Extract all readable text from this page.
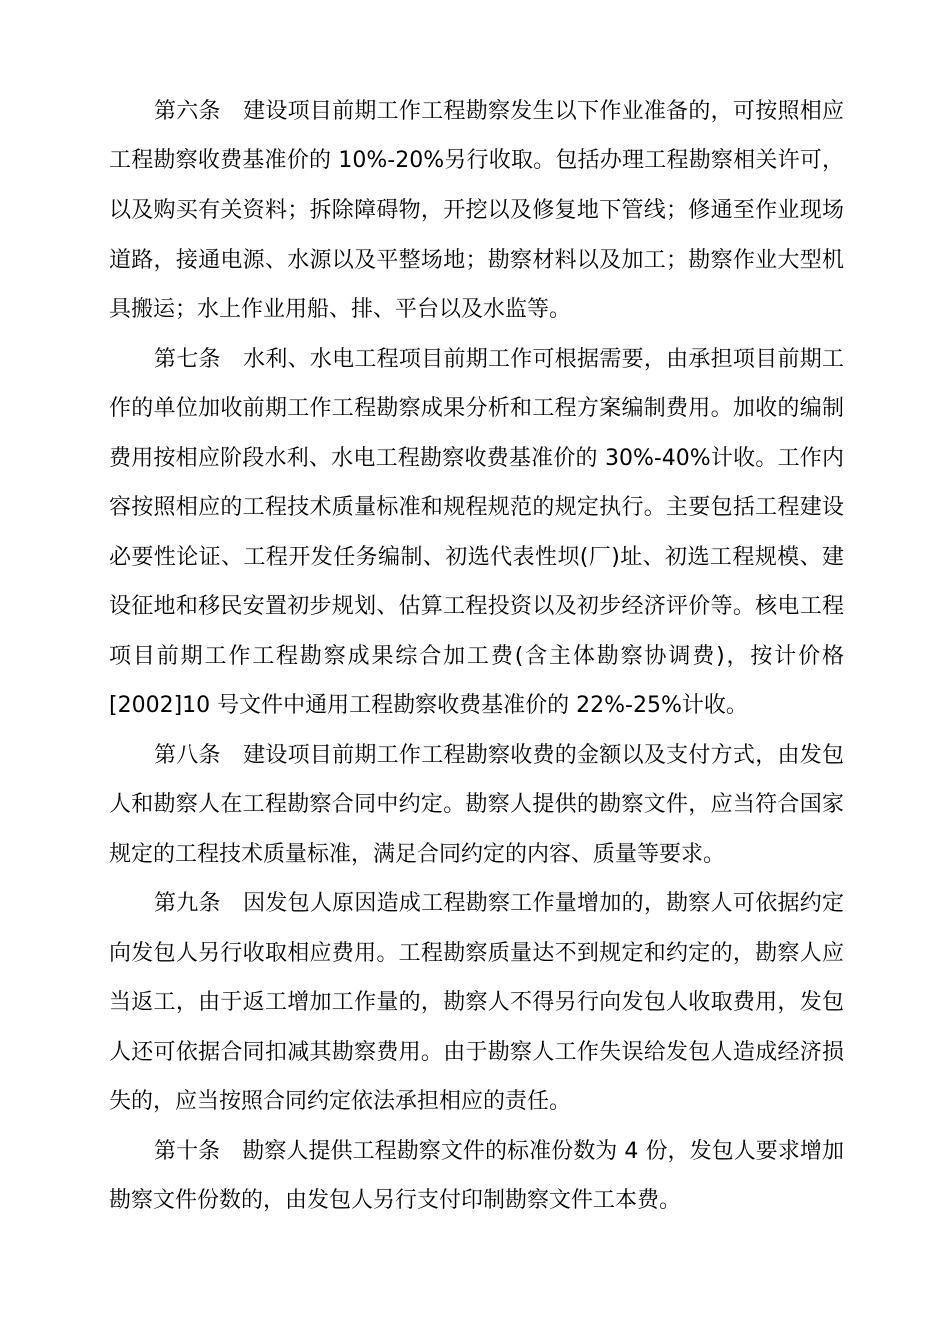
第六条　建设项目前期工作工程勘察发生以下作业准备的，可按照相应
工程勘察收费基准价的 10%-20%另行收取。包括办理工程勘察相关许可，
以及购买有关资料；拆除障碍物，开挖以及修复地下管线；修通至作业现场
道路，接通电源、水源以及平整场地；勘察材料以及加工；勘察作业大型机
具搬运；水上作业用船、排、平台以及水监等。
第七条　水利、水电工程项目前期工作可根据需要，由承担项目前期工
作的单位加收前期工作工程勘察成果分析和工程方案编制费用。加收的编制
费用按相应阶段水利、水电工程勘察收费基准价的 30%-40%计收。工作内
容按照相应的工程技术质量标准和规程规范的规定执行。主要包括工程建设
必要性论证、工程开发任务编制、初选代表性坝(厂)址、初选工程规模、建
设征地和移民安置初步规划、估算工程投资以及初步经济评价等。核电工程
项目前期工作工程勘察成果综合加工费(含主体勘察协调费)，按计价格
[2002]10 号文件中通用工程勘察收费基准价的 22%-25%计收。
第八条　建设项目前期工作工程勘察收费的金额以及支付方式，由发包
人和勘察人在工程勘察合同中约定。勘察人提供的勘察文件，应当符合国家
规定的工程技术质量标准，满足合同约定的内容、质量等要求。
第九条　因发包人原因造成工程勘察工作量增加的，勘察人可依据约定
向发包人另行收取相应费用。工程勘察质量达不到规定和约定的，勘察人应
当返工，由于返工增加工作量的，勘察人不得另行向发包人收取费用，发包
人还可依据合同扣减其勘察费用。由于勘察人工作失误给发包人造成经济损
失的，应当按照合同约定依法承担相应的责任。
第十条　勘察人提供工程勘察文件的标准份数为 4 份，发包人要求增加
勘察文件份数的，由发包人另行支付印制勘察文件工本费。
